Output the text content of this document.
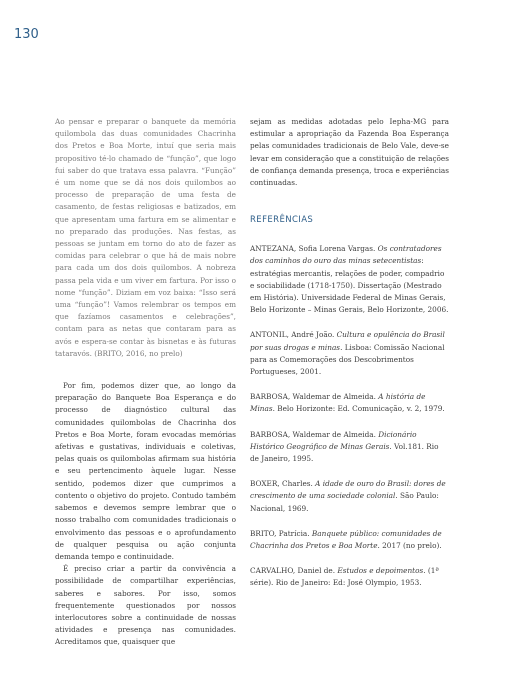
130

Ao pensar e preparar o banquete da memória quilombola das duas comunidades Chacrinha dos Pretos e Boa Morte, intuí que seria mais propositivo té-lo chamado de “função”, que logo fui saber do que tratava essa palavra. “Função” é um nome que se dá nos dois quilombos ao processo de preparação de uma festa de casamento, de festas religiosas e batizados, em que apresentam uma fartura em se alimentar e no preparado das produções. Nas festas, as pessoas se juntam em torno do ato de fazer as comidas para celebrar o que há de mais nobre para cada um dos dois quilombos. A nobreza passa pela vida e um viver em fartura. Por isso o nome “função”. Diziam em voz baixa: “Isso será uma “função”! Vamos relembrar os tempos em que fazíamos casamentos e celebrações”, contam para as netas que contaram para as avós e espera-se contar às bisnetas e às futuras tataravós. (BRITO, 2016, no prelo)

Por fim, podemos dizer que, ao longo da preparação do Banquete Boa Esperança e do processo de diagnóstico cultural das comunidades quilombolas de Chacrinha dos Pretos e Boa Morte, foram evocadas memórias afetivas e gustativas, individuais e coletivas, pelas quais os quilombolas afirmam sua história e seu pertencimento àquele lugar. Nesse sentido, podemos dizer que cumprimos a contento o objetivo do projeto. Contudo também sabemos e devemos sempre lembrar que o nosso trabalho com comunidades tradicionais o envolvimento das pessoas e o aprofundamento de qualquer pesquisa ou ação conjunta demanda tempo e continuidade.

É preciso criar a partir da convivência a possibilidade de compartilhar experiências, saberes e sabores. Por isso, somos frequentemente questionados por nossos interlocutores sobre a continuidade de nossas atividades e presença nas comunidades. Acreditamos que, quaisquer que

sejam as medidas adotadas pelo Iepha-MG para estimular a apropriação da Fazenda Boa Esperança pelas comunidades tradicionais de Belo Vale, deve-se levar em consideração que a constituição de relações de confiança demanda presença, troca e experiências continuadas.

REFERÊNCIAS

ANTEZANA, Sofia Lorena Vargas. Os contratadores dos caminhos do ouro das minas setecentistas: estratégias mercantis, relações de poder, compadrio e sociabilidade (1718-1750). Dissertação (Mestrado em História). Universidade Federal de Minas Gerais, Belo Horizonte – Minas Gerais, Belo Horizonte, 2006.

ANTONIL, André João. Cultura e opulência do Brasil por suas drogas e minas. Lisboa: Comissão Nacional para as Comemorações dos Descobrimentos Portugueses, 2001.

BARBOSA, Waldemar de Almeida. A história de Minas. Belo Horizonte: Ed. Comunicação, v. 2, 1979.

BARBOSA, Waldemar de Almeida. Dicionário Histórico Geográfico de Minas Gerais. Vol.181. Rio de Janeiro, 1995.

BOXER, Charles. A idade de ouro do Brasil: dores de crescimento de uma sociedade colonial. São Paulo: Nacional, 1969.

BRITO, Patrícia. Banquete público: comunidades de Chacrinha dos Pretos e Boa Morte. 2017 (no prelo).

CARVALHO, Daniel de. Estudos e depoimentos. (1ª série). Rio de Janeiro: Ed: José Olympio, 1953.
